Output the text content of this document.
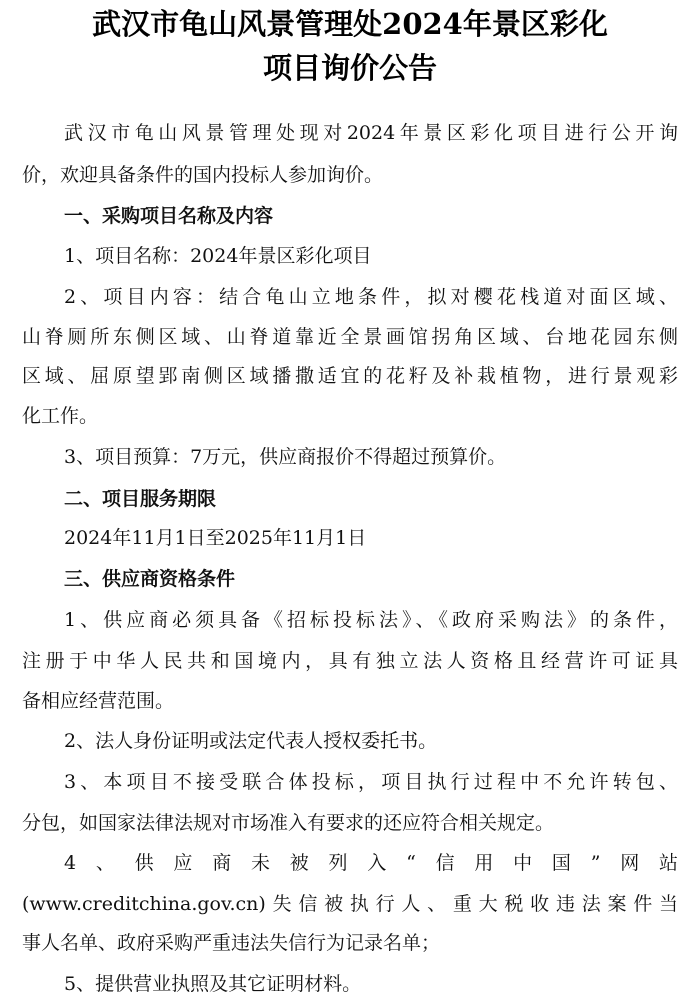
武汉市龟山风景管理处2024年景区彩化
项目询价公告
武汉市龟山风景管理处现对2024年景区彩化项目进行公开询
价，欢迎具备条件的国内投标人参加询价。
一、采购项目名称及内容
1、项目名称：2024年景区彩化项目
2、项目内容：结合龟山立地条件，拟对樱花栈道对面区域、
山脊厕所东侧区域、山脊道靠近全景画馆拐角区域、台地花园东侧
区域、屈原望郢南侧区域播撒适宜的花籽及补栽植物，进行景观彩
化工作。
3、项目预算：7万元，供应商报价不得超过预算价。
二、项目服务期限
2024年11月1日至2025年11月1日
三、供应商资格条件
1、供应商必须具备《招标投标法》、《政府采购法》的条件，
注册于中华人民共和国境内，具有独立法人资格且经营许可证具
备相应经营范围。
2、法人身份证明或法定代表人授权委托书。
3、本项目不接受联合体投标，项目执行过程中不允许转包、
分包，如国家法律法规对市场准入有要求的还应符合相关规定。
4、供应商未被列入“信用中国”网站
(www.creditchina.gov.cn)失信被执行人、重大税收违法案件当
事人名单、政府采购严重违法失信行为记录名单；
5、提供营业执照及其它证明材料。
